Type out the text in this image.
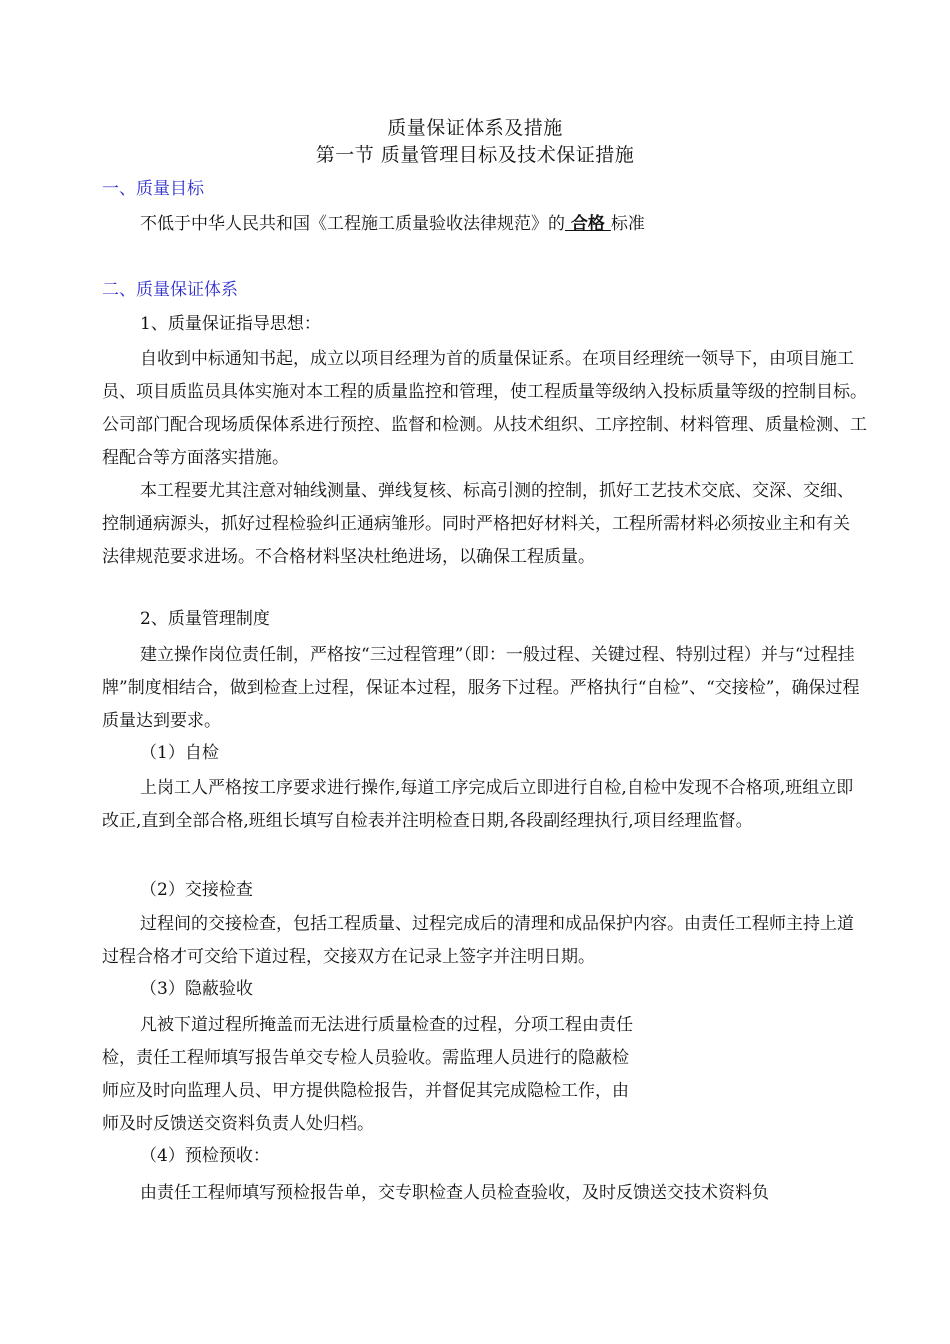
质量保证体系及措施
第一节 质量管理目标及技术保证措施
一、质量目标
不低于中华人民共和国《工程施工质量验收法律规范》的 合格 标准
二、质量保证体系
1、质量保证指导思想：
自收到中标通知书起，成立以项目经理为首的质量保证系。在项目经理统一领导下，由项目施工员、项目质监员具体实施对本工程的质量监控和管理，使工程质量等级纳入投标质量等级的控制目标。公司部门配合现场质保体系进行预控、监督和检测。从技术组织、工序控制、材料管理、质量检测、工程配合等方面落实措施。
本工程要尤其注意对轴线测量、弹线复核、标高引测的控制，抓好工艺技术交底、交深、交细、控制通病源头，抓好过程检验纠正通病雏形。同时严格把好材料关，工程所需材料必须按业主和有关法律规范要求进场。不合格材料坚决杜绝进场，以确保工程质量。
2、质量管理制度
建立操作岗位责任制，严格按“三过程管理”（即：一般过程、关键过程、特别过程）并与“过程挂牌”制度相结合，做到检查上过程，保证本过程，服务下过程。严格执行“自检”、“交接检”，确保过程质量达到要求。
（1）自检
上岗工人严格按工序要求进行操作,每道工序完成后立即进行自检,自检中发现不合格项,班组立即改正,直到全部合格,班组长填写自检表并注明检查日期,各段副经理执行,项目经理监督。
（2）交接检查
过程间的交接检查，包括工程质量、过程完成后的清理和成品保护内容。由责任工程师主持上道过程合格才可交给下道过程，交接双方在记录上签字并注明日期。
（3）隐蔽验收
凡被下道过程所掩盖而无法进行质量检查的过程，分项工程由责任
检，责任工程师填写报告单交专检人员验收。需监理人员进行的隐蔽检
师应及时向监理人员、甲方提供隐检报告，并督促其完成隐检工作，由
师及时反馈送交资料负责人处归档。
（4）预检预收：
由责任工程师填写预检报告单，交专职检查人员检查验收，及时反馈送交技术资料负
